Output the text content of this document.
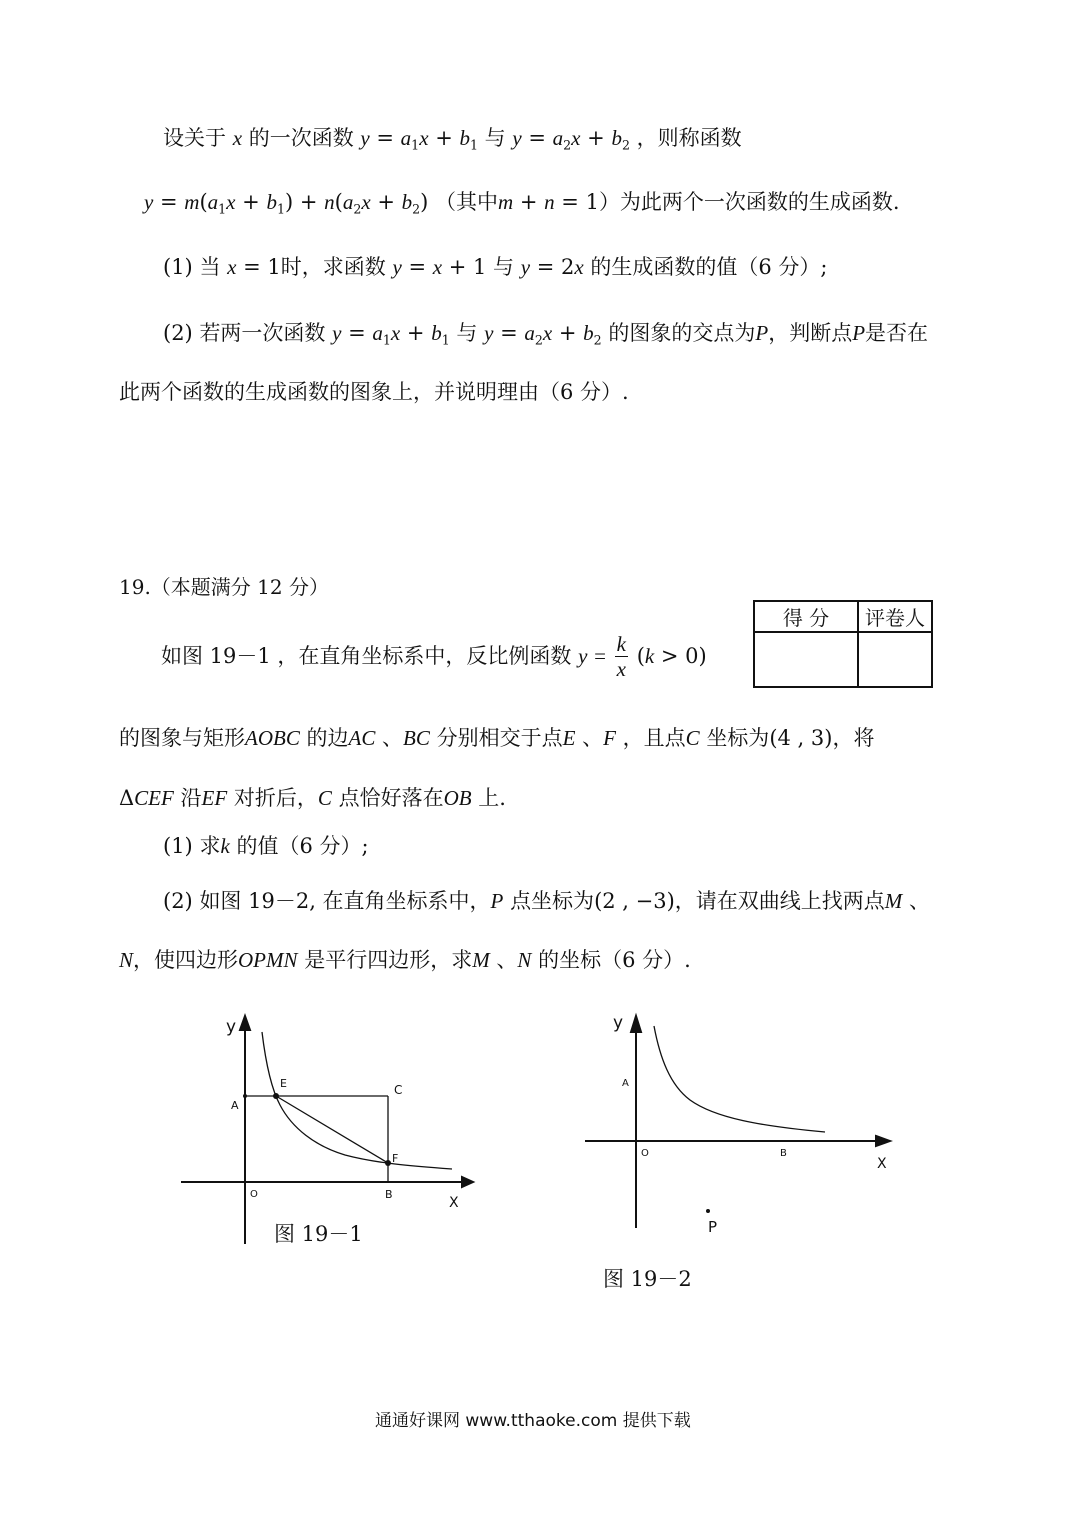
设关于 x 的一次函数 $y = a_1x + b_1$ 与 $y = a_2x + b_2$ ，则称函数
$y = m(a_1x + b_1) + n(a_2x + b_2)$ （其中m + n = 1）为此两个一次函数的生成函数.
(1) 当 x = 1时，求函数 y = x + 1 与 y = 2x 的生成函数的值（6 分）;
(2) 若两一次函数 $y = a_1x + b_1$ 与 $y = a_2x + b_2$ 的图象的交点为P，判断点P是否在
此两个函数的生成函数的图象上，并说明理由（6 分）.
19.（本题满分 12 分）
得 分	评卷人

如图 19－1 ，在直角坐标系中，反比例函数 $y = \frac{k}{x} (k > 0)$
的图象与矩形AOBC 的边AC 、BC 分别相交于点E 、F ，且点C 坐标为(4 , 3)，将
ΔCEF 沿EF 对折后，C 点恰好落在OB 上.
(1) 求k 的值（6 分）;
(2) 如图 19－2, 在直角坐标系中，P 点坐标为(2 , −3)，请在双曲线上找两点M 、
N，使四边形OPMN 是平行四边形，求M 、N 的坐标（6 分）.
y
X
A
E	C
F
O	B
图 19－1
y
X
A
O	B
P
图 19－2
通通好课网 www.tthaoke.com 提供下载
